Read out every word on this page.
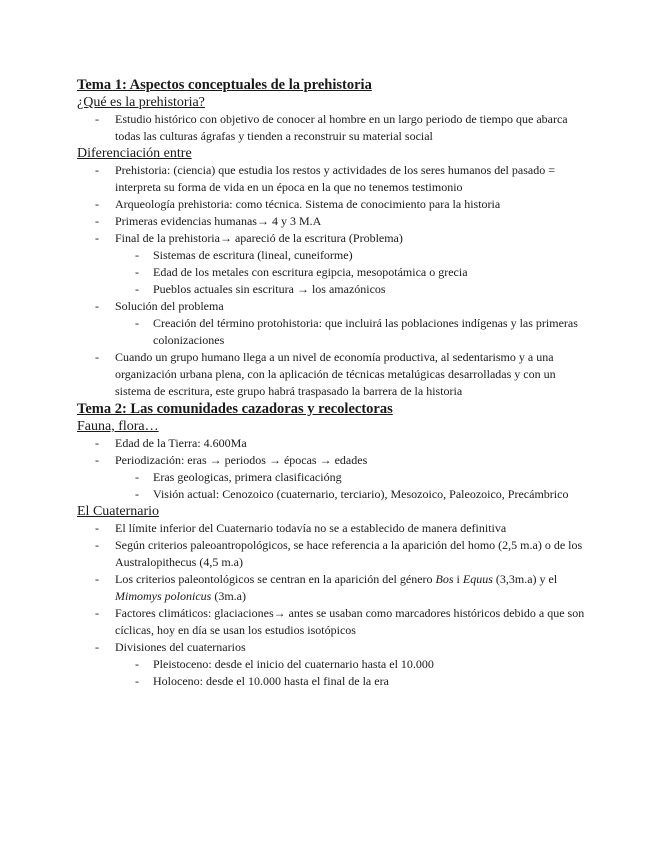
Tema 1: Aspectos conceptuales de la prehistoria

¿Qué es la prehistoria?

- Estudio histórico con objetivo de conocer al hombre en un largo periodo de tiempo que abarca todas las culturas ágrafas y tienden a reconstruir su material social

Diferenciación entre

- Prehistoria: (ciencia) que estudia los restos y actividades de los seres humanos del pasado = interpreta su forma de vida en un época en la que no tenemos testimonio
- Arqueología prehistoria: como técnica. Sistema de conocimiento para la historia
- Primeras evidencias humanas→ 4 y 3 M.A
- Final de la prehistoria→ apareció de la escritura (Problema)
- Sistemas de escritura (lineal, cuneiforme)
- Edad de los metales con escritura egipcia, mesopotámica o grecia
- Pueblos actuales sin escritura → los amazónicos
- Solución del problema
- Creación del término protohistoria: que incluirá las poblaciones indígenas y las primeras colonizaciones
- Cuando un grupo humano llega a un nivel de economía productiva, al sedentarismo y a una organización urbana plena, con la aplicación de técnicas metalúgicas desarrolladas y con un sistema de escritura, este grupo habrá traspasado la barrera de la historia

Tema 2: Las comunidades cazadoras y recolectoras

Fauna, flora…

- Edad de la Tierra: 4.600Ma
- Periodización: eras → periodos → épocas → edades
- Eras geologicas, primera clasificacióng
- Visión actual: Cenozoico (cuaternario, terciario), Mesozoico, Paleozoico, Precámbrico

El Cuaternario

- El límite inferior del Cuaternario todavía no se a establecido de manera definitiva
- Según criterios paleoantropológicos, se hace referencia a la aparición del homo (2,5 m.a) o de los Australopithecus (4,5 m.a)
- Los criterios paleontológicos se centran en la aparición del género Bos i Equus (3,3m.a) y el Mimomys polonicus (3m.a)
- Factores climáticos: glaciaciones→ antes se usaban como marcadores históricos debido a que son cíclicas, hoy en día se usan los estudios isotópicos
- Divisiones del cuaternarios
- Pleistoceno: desde el inicio del cuaternario hasta el 10.000
- Holoceno: desde el 10.000 hasta el final de la era
